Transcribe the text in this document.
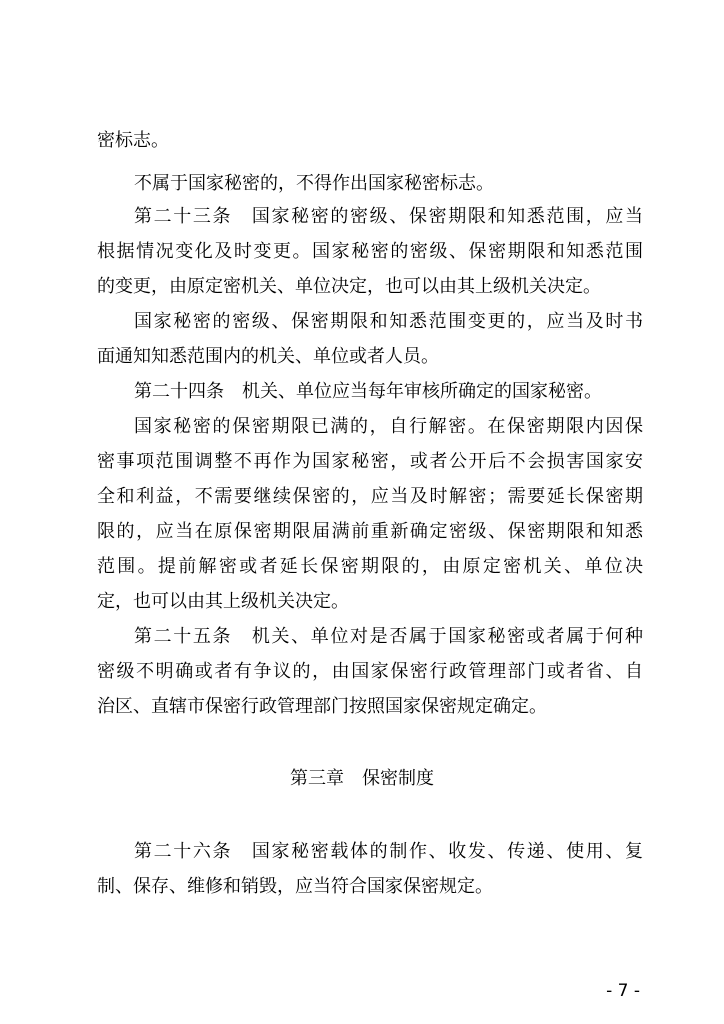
密标志。
不属于国家秘密的，不得作出国家秘密标志。
第二十三条　国家秘密的密级、保密期限和知悉范围，应当
根据情况变化及时变更。国家秘密的密级、保密期限和知悉范围
的变更，由原定密机关、单位决定，也可以由其上级机关决定。
国家秘密的密级、保密期限和知悉范围变更的，应当及时书
面通知知悉范围内的机关、单位或者人员。
第二十四条　机关、单位应当每年审核所确定的国家秘密。
国家秘密的保密期限已满的，自行解密。在保密期限内因保
密事项范围调整不再作为国家秘密，或者公开后不会损害国家安
全和利益，不需要继续保密的，应当及时解密；需要延长保密期
限的，应当在原保密期限届满前重新确定密级、保密期限和知悉
范围。提前解密或者延长保密期限的，由原定密机关、单位决
定，也可以由其上级机关决定。
第二十五条　机关、单位对是否属于国家秘密或者属于何种
密级不明确或者有争议的，由国家保密行政管理部门或者省、自
治区、直辖市保密行政管理部门按照国家保密规定确定。
第三章　保密制度
第二十六条　国家秘密载体的制作、收发、传递、使用、复
制、保存、维修和销毁，应当符合国家保密规定。
- 7 -
